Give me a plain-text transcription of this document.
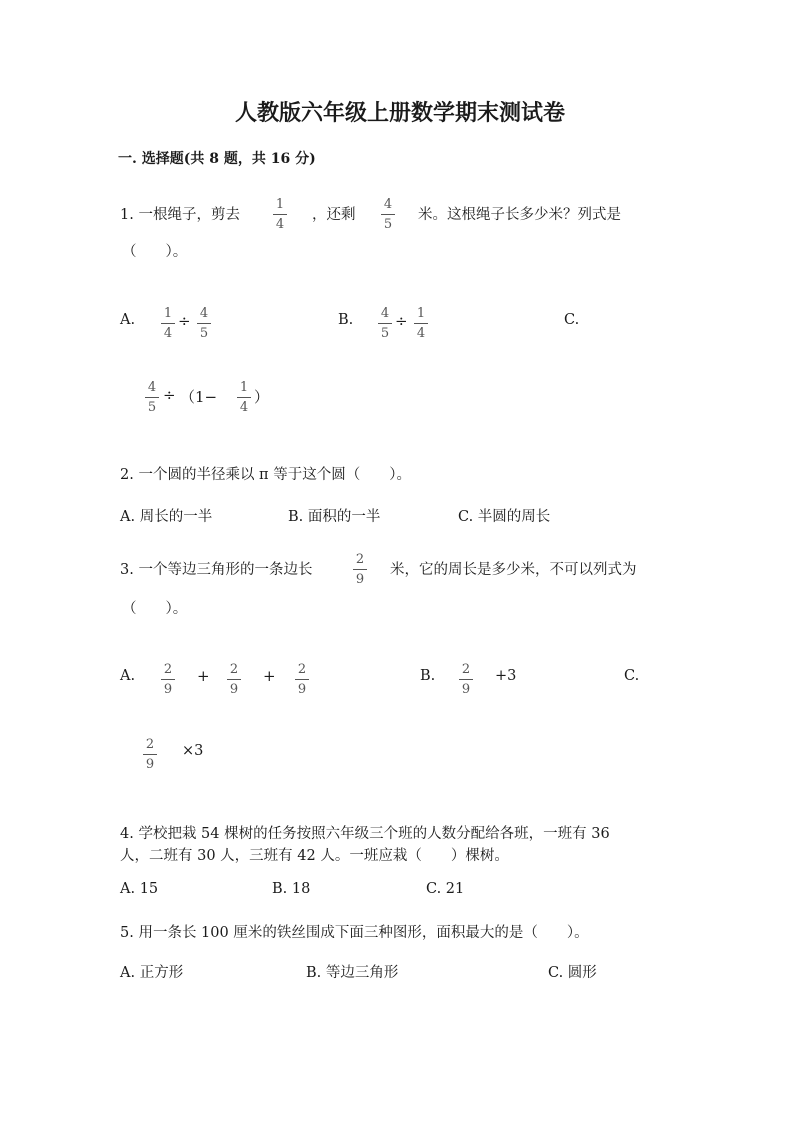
人教版六年级上册数学期末测试卷
一. 选择题(共 8 题，共 16 分)
1. 一根绳子，剪去
1
4
，还剩
4
5
米。这根绳子长多少米？列式是
（　　）。
A.	1
4
÷ 4
5
B.	4
5
÷ 1
4
C.
4
5
÷ （1−
1
4
）
2. 一个圆的半径乘以 π 等于这个圆（　　）。
A. 周长的一半	B. 面积的一半	C. 半圆的周长
3. 一个等边三角形的一条边长
2
9
米，它的周长是多少米，不可以列式为
（　　）。
A.	2
9
+	2
9
+	2
9
B.	2
9
+3	C.
2
9
×3
4. 学校把栽 54 棵树的任务按照六年级三个班的人数分配给各班，一班有 36
人，二班有 30 人，三班有 42 人。一班应栽（　　）棵树。
A. 15	B. 18	C. 21
5. 用一条长 100 厘米的铁丝围成下面三种图形，面积最大的是（　　）。
A. 正方形	B. 等边三角形	C. 圆形
